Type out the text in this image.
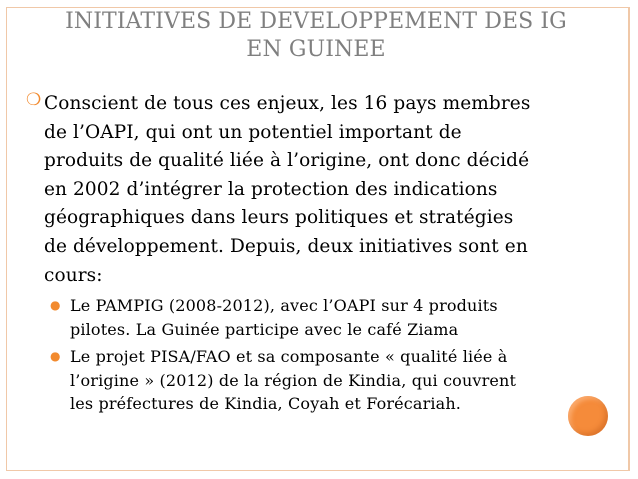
INITIATIVES DE DEVELOPPEMENT DES IG
EN GUINEE
❍ Conscient de tous ces enjeux, les 16 pays membres
de l’OAPI, qui ont un potentiel important de
produits de qualité liée à l’origine, ont donc décidé
en 2002 d’intégrer la protection des indications
géographiques dans leurs politiques et stratégies
de développement. Depuis, deux initiatives sont en
cours:
● Le PAMPIG (2008-2012), avec l’OAPI sur 4 produits
pilotes. La Guinée participe avec le café Ziama
● Le projet PISA/FAO et sa composante « qualité liée à
l’origine » (2012) de la région de Kindia, qui couvrent
les préfectures de Kindia, Coyah et Forécariah.
